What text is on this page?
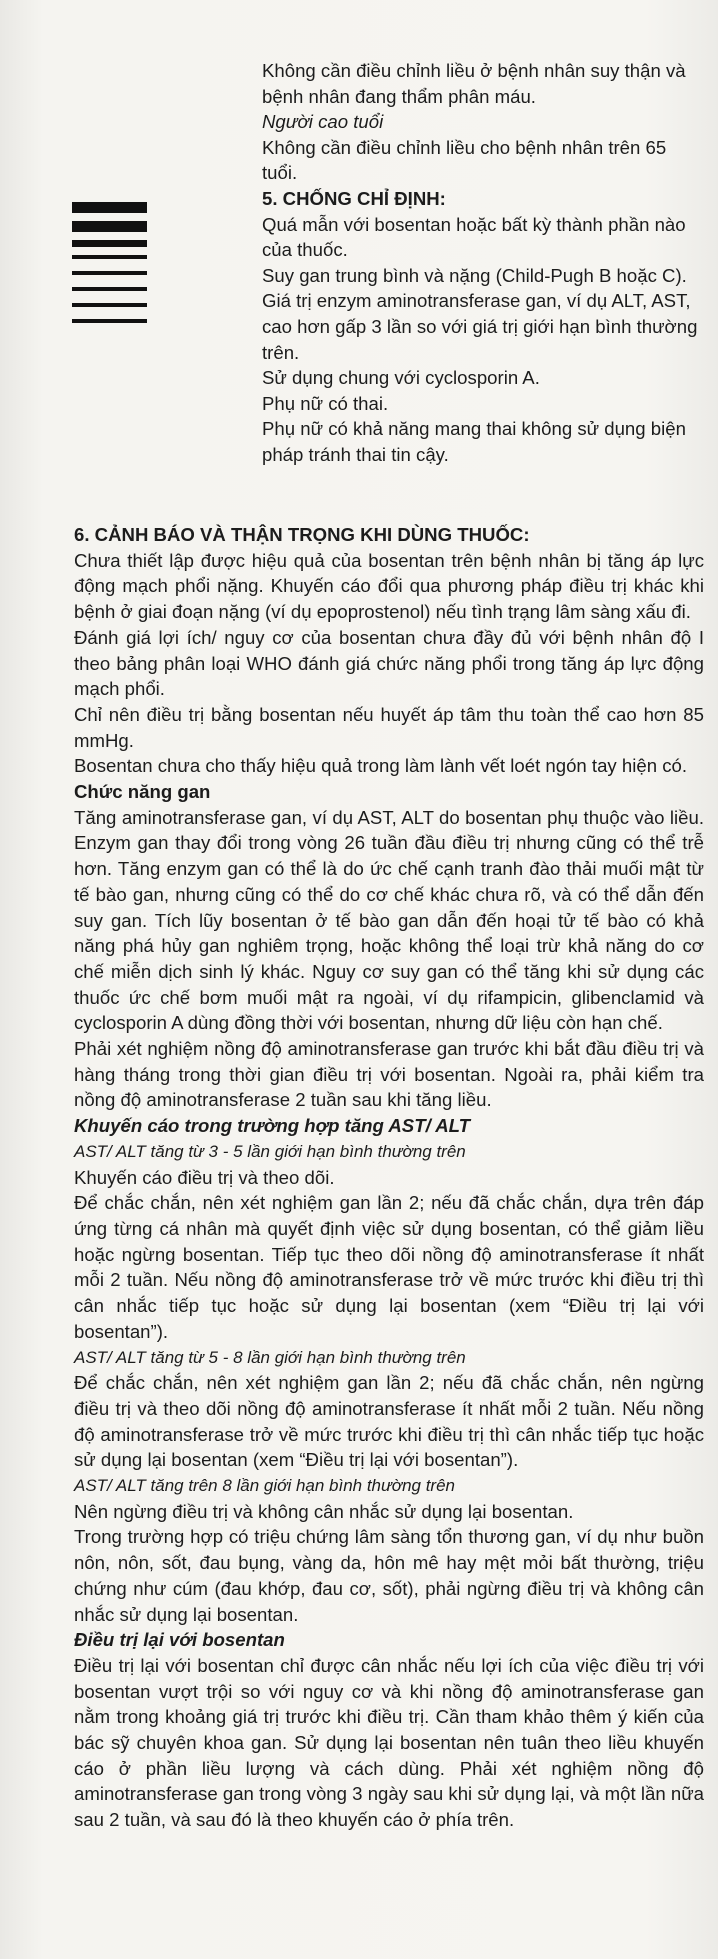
Không cần điều chỉnh liều ở bệnh nhân suy thận và bệnh nhân đang thẩm phân máu.

Người cao tuổi

Không cần điều chỉnh liều cho bệnh nhân trên 65 tuổi.

5. CHỐNG CHỈ ĐỊNH:

Quá mẫn với bosentan hoặc bất kỳ thành phần nào của thuốc.

Suy gan trung bình và nặng (Child-Pugh B hoặc C).

Giá trị enzym aminotransferase gan, ví dụ ALT, AST, cao hơn gấp 3 lần so với giá trị giới hạn bình thường trên.

Sử dụng chung với cyclosporin A.

Phụ nữ có thai.

Phụ nữ có khả năng mang thai không sử dụng biện pháp tránh thai tin cậy.

6. CẢNH BÁO VÀ THẬN TRỌNG KHI DÙNG THUỐC:

Chưa thiết lập được hiệu quả của bosentan trên bệnh nhân bị tăng áp lực động mạch phổi nặng. Khuyến cáo đổi qua phương pháp điều trị khác khi bệnh ở giai đoạn nặng (ví dụ epoprostenol) nếu tình trạng lâm sàng xấu đi.

Đánh giá lợi ích/ nguy cơ của bosentan chưa đầy đủ với bệnh nhân độ I theo bảng phân loại WHO đánh giá chức năng phổi trong tăng áp lực động mạch phổi.

Chỉ nên điều trị bằng bosentan nếu huyết áp tâm thu toàn thể cao hơn 85 mmHg.

Bosentan chưa cho thấy hiệu quả trong làm lành vết loét ngón tay hiện có.

Chức năng gan

Tăng aminotransferase gan, ví dụ AST, ALT do bosentan phụ thuộc vào liều. Enzym gan thay đổi trong vòng 26 tuần đầu điều trị nhưng cũng có thể trễ hơn. Tăng enzym gan có thể là do ức chế cạnh tranh đào thải muối mật từ tế bào gan, nhưng cũng có thể do cơ chế khác chưa rõ, và có thể dẫn đến suy gan. Tích lũy bosentan ở tế bào gan dẫn đến hoại tử tế bào có khả năng phá hủy gan nghiêm trọng, hoặc không thể loại trừ khả năng do cơ chế miễn dịch sinh lý khác. Nguy cơ suy gan có thể tăng khi sử dụng các thuốc ức chế bơm muối mật ra ngoài, ví dụ rifampicin, glibenclamid và cyclosporin A dùng đồng thời với bosentan, nhưng dữ liệu còn hạn chế.

Phải xét nghiệm nồng độ aminotransferase gan trước khi bắt đầu điều trị và hàng tháng trong thời gian điều trị với bosentan. Ngoài ra, phải kiểm tra nồng độ aminotransferase 2 tuần sau khi tăng liều.

Khuyến cáo trong trường hợp tăng AST/ ALT

AST/ ALT tăng từ 3 - 5 lần giới hạn bình thường trên

Khuyến cáo điều trị và theo dõi.

Để chắc chắn, nên xét nghiệm gan lần 2; nếu đã chắc chắn, dựa trên đáp ứng từng cá nhân mà quyết định việc sử dụng bosentan, có thể giảm liều hoặc ngừng bosentan. Tiếp tục theo dõi nồng độ aminotransferase ít nhất mỗi 2 tuần. Nếu nồng độ aminotransferase trở về mức trước khi điều trị thì cân nhắc tiếp tục hoặc sử dụng lại bosentan (xem “Điều trị lại với bosentan”).

AST/ ALT tăng từ 5 - 8 lần giới hạn bình thường trên

Để chắc chắn, nên xét nghiệm gan lần 2; nếu đã chắc chắn, nên ngừng điều trị và theo dõi nồng độ aminotransferase ít nhất mỗi 2 tuần. Nếu nồng độ aminotransferase trở về mức trước khi điều trị thì cân nhắc tiếp tục hoặc sử dụng lại bosentan (xem “Điều trị lại với bosentan”).

AST/ ALT tăng trên 8 lần giới hạn bình thường trên

Nên ngừng điều trị và không cân nhắc sử dụng lại bosentan.

Trong trường hợp có triệu chứng lâm sàng tổn thương gan, ví dụ như buồn nôn, nôn, sốt, đau bụng, vàng da, hôn mê hay mệt mỏi bất thường, triệu chứng như cúm (đau khớp, đau cơ, sốt), phải ngừng điều trị và không cân nhắc sử dụng lại bosentan.

Điều trị lại với bosentan

Điều trị lại với bosentan chỉ được cân nhắc nếu lợi ích của việc điều trị với bosentan vượt trội so với nguy cơ và khi nồng độ aminotransferase gan nằm trong khoảng giá trị trước khi điều trị. Cần tham khảo thêm ý kiến của bác sỹ chuyên khoa gan. Sử dụng lại bosentan nên tuân theo liều khuyến cáo ở phần liều lượng và cách dùng. Phải xét nghiệm nồng độ aminotransferase gan trong vòng 3 ngày sau khi sử dụng lại, và một lần nữa sau 2 tuần, và sau đó là theo khuyến cáo ở phía trên.
